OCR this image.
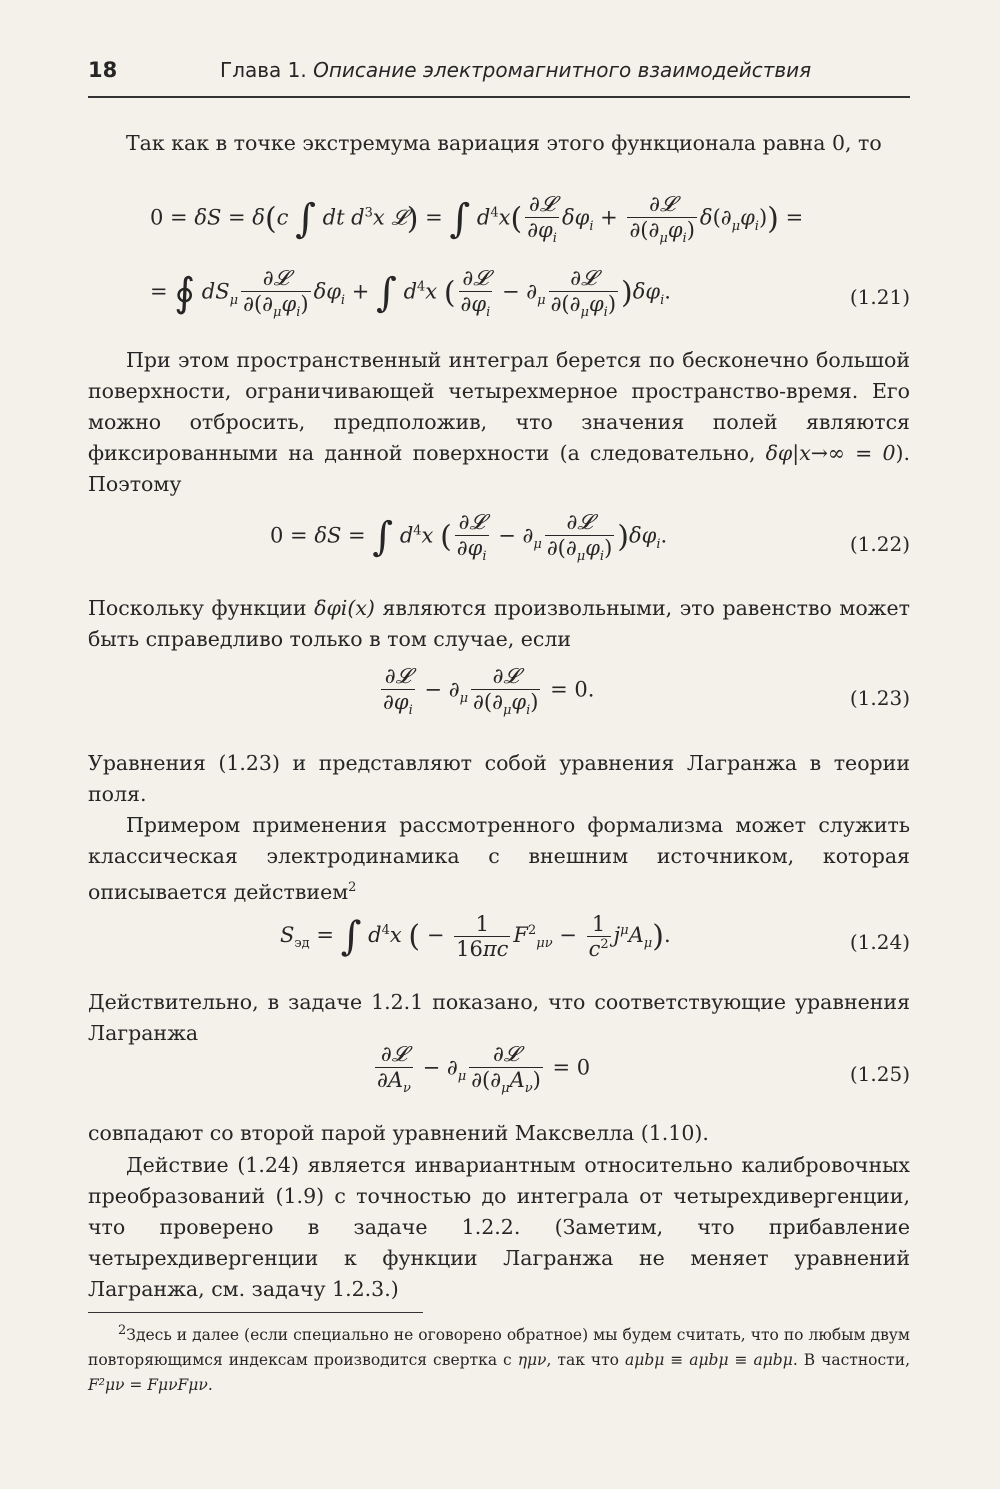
18	Глава 1. Описание электромагнитного взаимодействия

Так как в точке экстремума вариация этого функционала равна 0, то

0 = δS = δ(c ∫ dt $d^3x$ 𝓛) = ∫ $d^4x( \frac{\text{∂𝓛}}{\partial\varphi_i} \delta\varphi_i + \frac{\text{∂𝓛}}{\partial(\partial_\mu\varphi_i)} \delta(\partial_\mu\varphi_i))$ =
= ∮ $dS_\mu \frac{\text{∂𝓛}}{\partial(\partial_\mu\varphi_i)} \delta\varphi_i$ + ∫ $d^4x$ ( $\frac{\text{∂𝓛}}{\partial\varphi_i} - \partial_\mu \frac{\text{∂𝓛}}{\partial(\partial_\mu\varphi_i)} )\delta\varphi_i$.	(1.21)

При этом пространственный интеграл берется по бесконечно большой поверхности, ограничивающей четырехмерное пространство-время. Его можно отбросить, предположив, что значения полей являются фиксированными на данной поверхности (а следовательно, δφ|x→∞ = 0). Поэтому

0 = δS = ∫ $d^4x$ ( $\frac{\text{∂𝓛}}{\partial\varphi_i} - \partial_\mu \frac{\text{∂𝓛}}{\partial(\partial_\mu\varphi_i)} )\delta\varphi_i$.	(1.22)

Поскольку функции δφi(x) являются произвольными, это равенство может быть справедливо только в том случае, если

$\frac{\text{∂𝓛}}{\partial\varphi_i} - \partial_\mu \frac{\text{∂𝓛}}{\partial(\partial_\mu\varphi_i)} = 0$.	(1.23)

Уравнения (1.23) и представляют собой уравнения Лагранжа в теории поля.

Примером применения рассмотренного формализма может служить классическая электродинамика с внешним источником, которая описывается действием$^2$

$S_{эд}$ = ∫ $d^4x$ ( − $\frac{1}{16\pi c} F^2_{\mu\nu} - \frac{1}{c^2} j^\mu A_\mu$).	(1.24)

Действительно, в задаче 1.2.1 показано, что соответствующие уравнения Лагранжа

$\frac{\text{∂𝓛}}{\partial A_\nu} - \partial_\mu \frac{\text{∂𝓛}}{\partial(\partial_\mu A_\nu)} = 0$	(1.25)

совпадают со второй парой уравнений Максвелла (1.10).

Действие (1.24) является инвариантным относительно калибровочных преобразований (1.9) с точностью до интеграла от четырехдивергенции, что проверено в задаче 1.2.2. (Заметим, что прибавление четырехдивергенции к функции Лагранжа не меняет уравнений Лагранжа, см. задачу 1.2.3.)

$^2$Здесь и далее (если специально не оговорено обратное) мы будем считать, что по любым двум повторяющимся индексам производится свертка с ημν, так что aμbμ ≡ aμbμ ≡ aμbμ. В частности, F²μν = FμνFμν.
